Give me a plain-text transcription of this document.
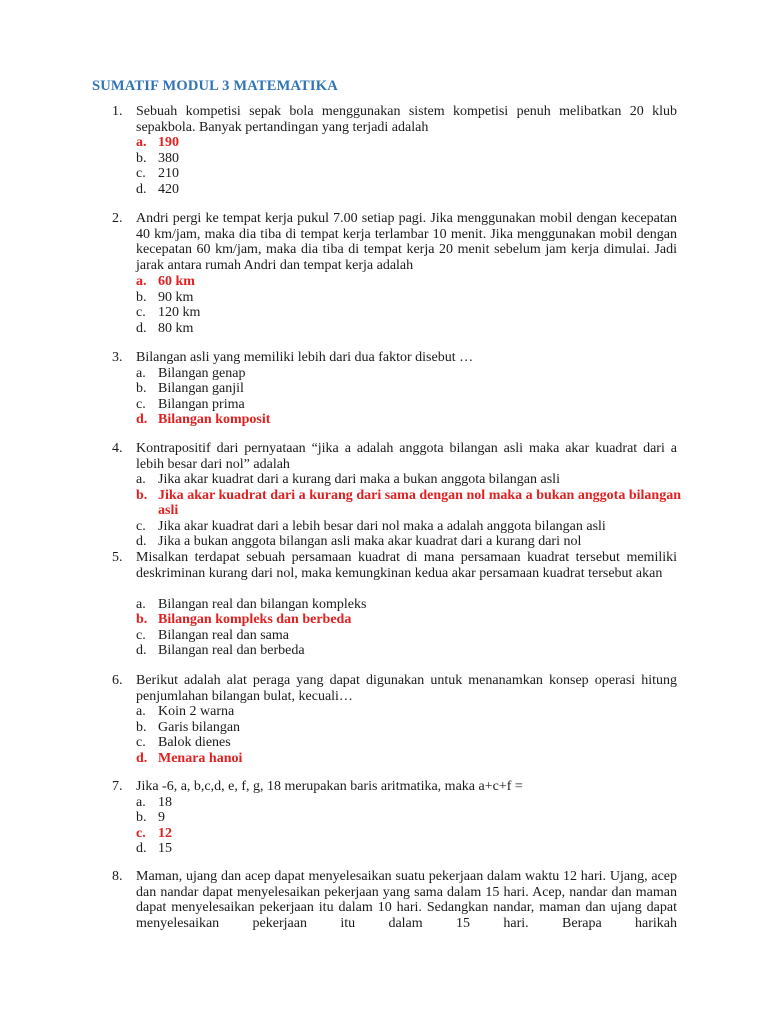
SUMATIF MODUL 3 MATEMATIKA
1. Sebuah kompetisi sepak bola menggunakan sistem kompetisi penuh melibatkan 20 klub sepakbola. Banyak pertandingan yang terjadi adalah
a. 190
b. 380
c. 210
d. 420
2. Andri pergi ke tempat kerja pukul 7.00 setiap pagi. Jika menggunakan mobil dengan kecepatan 40 km/jam, maka dia tiba di tempat kerja terlambar 10 menit. Jika menggunakan mobil dengan kecepatan 60 km/jam, maka dia tiba di tempat kerja 20 menit sebelum jam kerja dimulai. Jadi jarak antara rumah Andri dan tempat kerja adalah
a. 60 km
b. 90 km
c. 120 km
d. 80 km
3. Bilangan asli yang memiliki lebih dari dua faktor disebut …
a. Bilangan genap
b. Bilangan ganjil
c. Bilangan prima
d. Bilangan komposit
4. Kontrapositif dari pernyataan “jika a adalah anggota bilangan asli maka akar kuadrat dari a lebih besar dari nol” adalah
a. Jika akar kuadrat dari a kurang dari maka a bukan anggota bilangan asli
b. Jika akar kuadrat dari a kurang dari sama dengan nol maka a bukan anggota bilangan asli
c. Jika akar kuadrat dari a lebih besar dari nol maka a adalah anggota bilangan asli
d. Jika a bukan anggota bilangan asli maka akar kuadrat dari a kurang dari nol
5. Misalkan terdapat sebuah persamaan kuadrat di mana persamaan kuadrat tersebut memiliki deskriminan kurang dari nol, maka kemungkinan kedua akar persamaan kuadrat tersebut akan
a. Bilangan real dan bilangan kompleks
b. Bilangan kompleks dan berbeda
c. Bilangan real dan sama
d. Bilangan real dan berbeda
6. Berikut adalah alat peraga yang dapat digunakan untuk menanamkan konsep operasi hitung penjumlahan bilangan bulat, kecuali…
a. Koin 2 warna
b. Garis bilangan
c. Balok dienes
d. Menara hanoi
7. Jika -6, a, b,c,d, e, f, g, 18 merupakan baris aritmatika, maka a+c+f =
a. 18
b. 9
c. 12
d. 15
8. Maman, ujang dan acep dapat menyelesaikan suatu pekerjaan dalam waktu 12 hari. Ujang, acep dan nandar dapat menyelesaikan pekerjaan yang sama dalam 15 hari. Acep, nandar dan maman dapat menyelesaikan pekerjaan itu dalam 10 hari. Sedangkan nandar, maman dan ujang dapat menyelesaikan pekerjaan itu dalam 15 hari. Berapa harikah
